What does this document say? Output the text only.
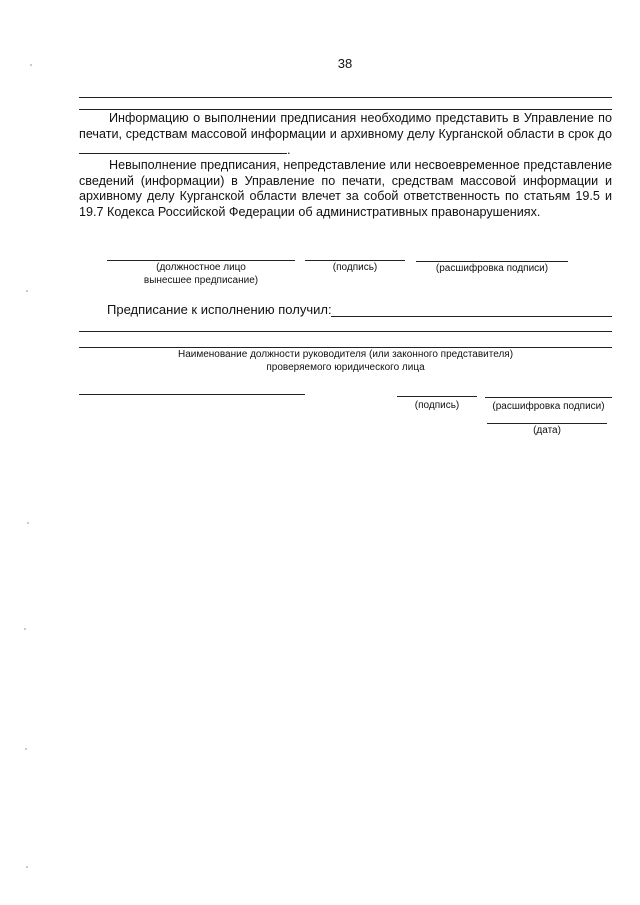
38
Информацию о выполнении предписания необходимо представить в Управление по печати, средствам массовой информации и архивному делу Курганской области в срок до .
Невыполнение предписания, непредставление или несвоевременное представление сведений (информации) в Управление по печати, средствам массовой информации и архивному делу Курганской области влечет за собой ответственность по статьям 19.5 и 19.7 Кодекса Российской Федерации об административных правонарушениях.
(должностное лицо
вынесшее предписание)
(подпись)	(расшифровка подписи)
Предписание к исполнению получил:
Наименование должности руководителя (или законного представителя)
проверяемого юридического лица
(подпись)	(расшифровка подписи)
(дата)
